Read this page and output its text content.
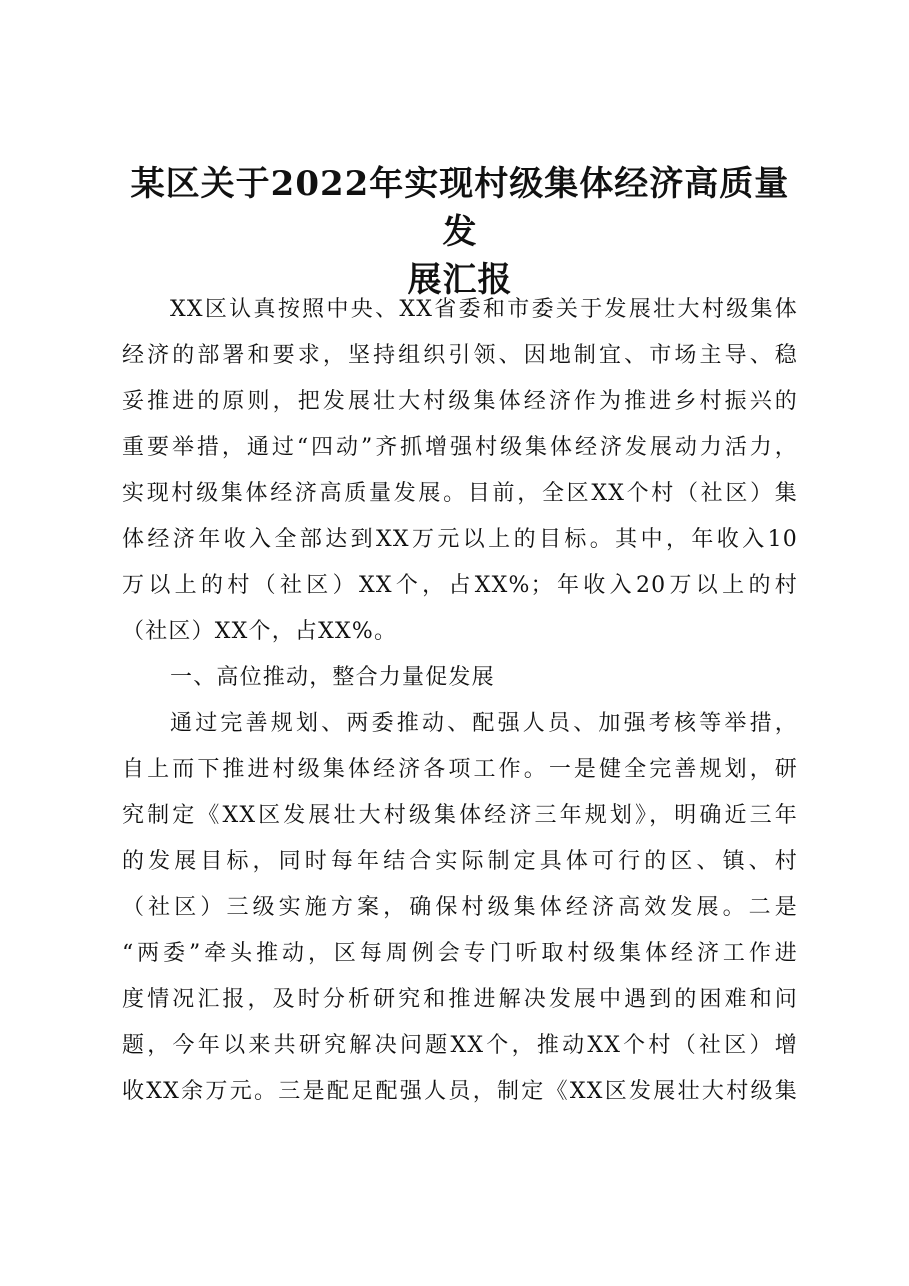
某区关于2022年实现村级集体经济高质量发
展汇报
XX区认真按照中央、XX省委和市委关于发展壮大村级集体
经济的部署和要求，坚持组织引领、因地制宜、市场主导、稳
妥推进的原则，把发展壮大村级集体经济作为推进乡村振兴的
重要举措，通过“四动”齐抓增强村级集体经济发展动力活力，
实现村级集体经济高质量发展。目前，全区XX个村（社区）集
体经济年收入全部达到XX万元以上的目标。其中，年收入10
万以上的村（社区）XX个，占XX%；年收入20万以上的村
（社区）XX个，占XX%。
一、高位推动，整合力量促发展
通过完善规划、两委推动、配强人员、加强考核等举措，
自上而下推进村级集体经济各项工作。一是健全完善规划，研
究制定《XX区发展壮大村级集体经济三年规划》，明确近三年
的发展目标，同时每年结合实际制定具体可行的区、镇、村
（社区）三级实施方案，确保村级集体经济高效发展。二是
“两委”牵头推动，区每周例会专门听取村级集体经济工作进
度情况汇报，及时分析研究和推进解决发展中遇到的困难和问
题，今年以来共研究解决问题XX个，推动XX个村（社区）增
收XX余万元。三是配足配强人员，制定《XX区发展壮大村级集
